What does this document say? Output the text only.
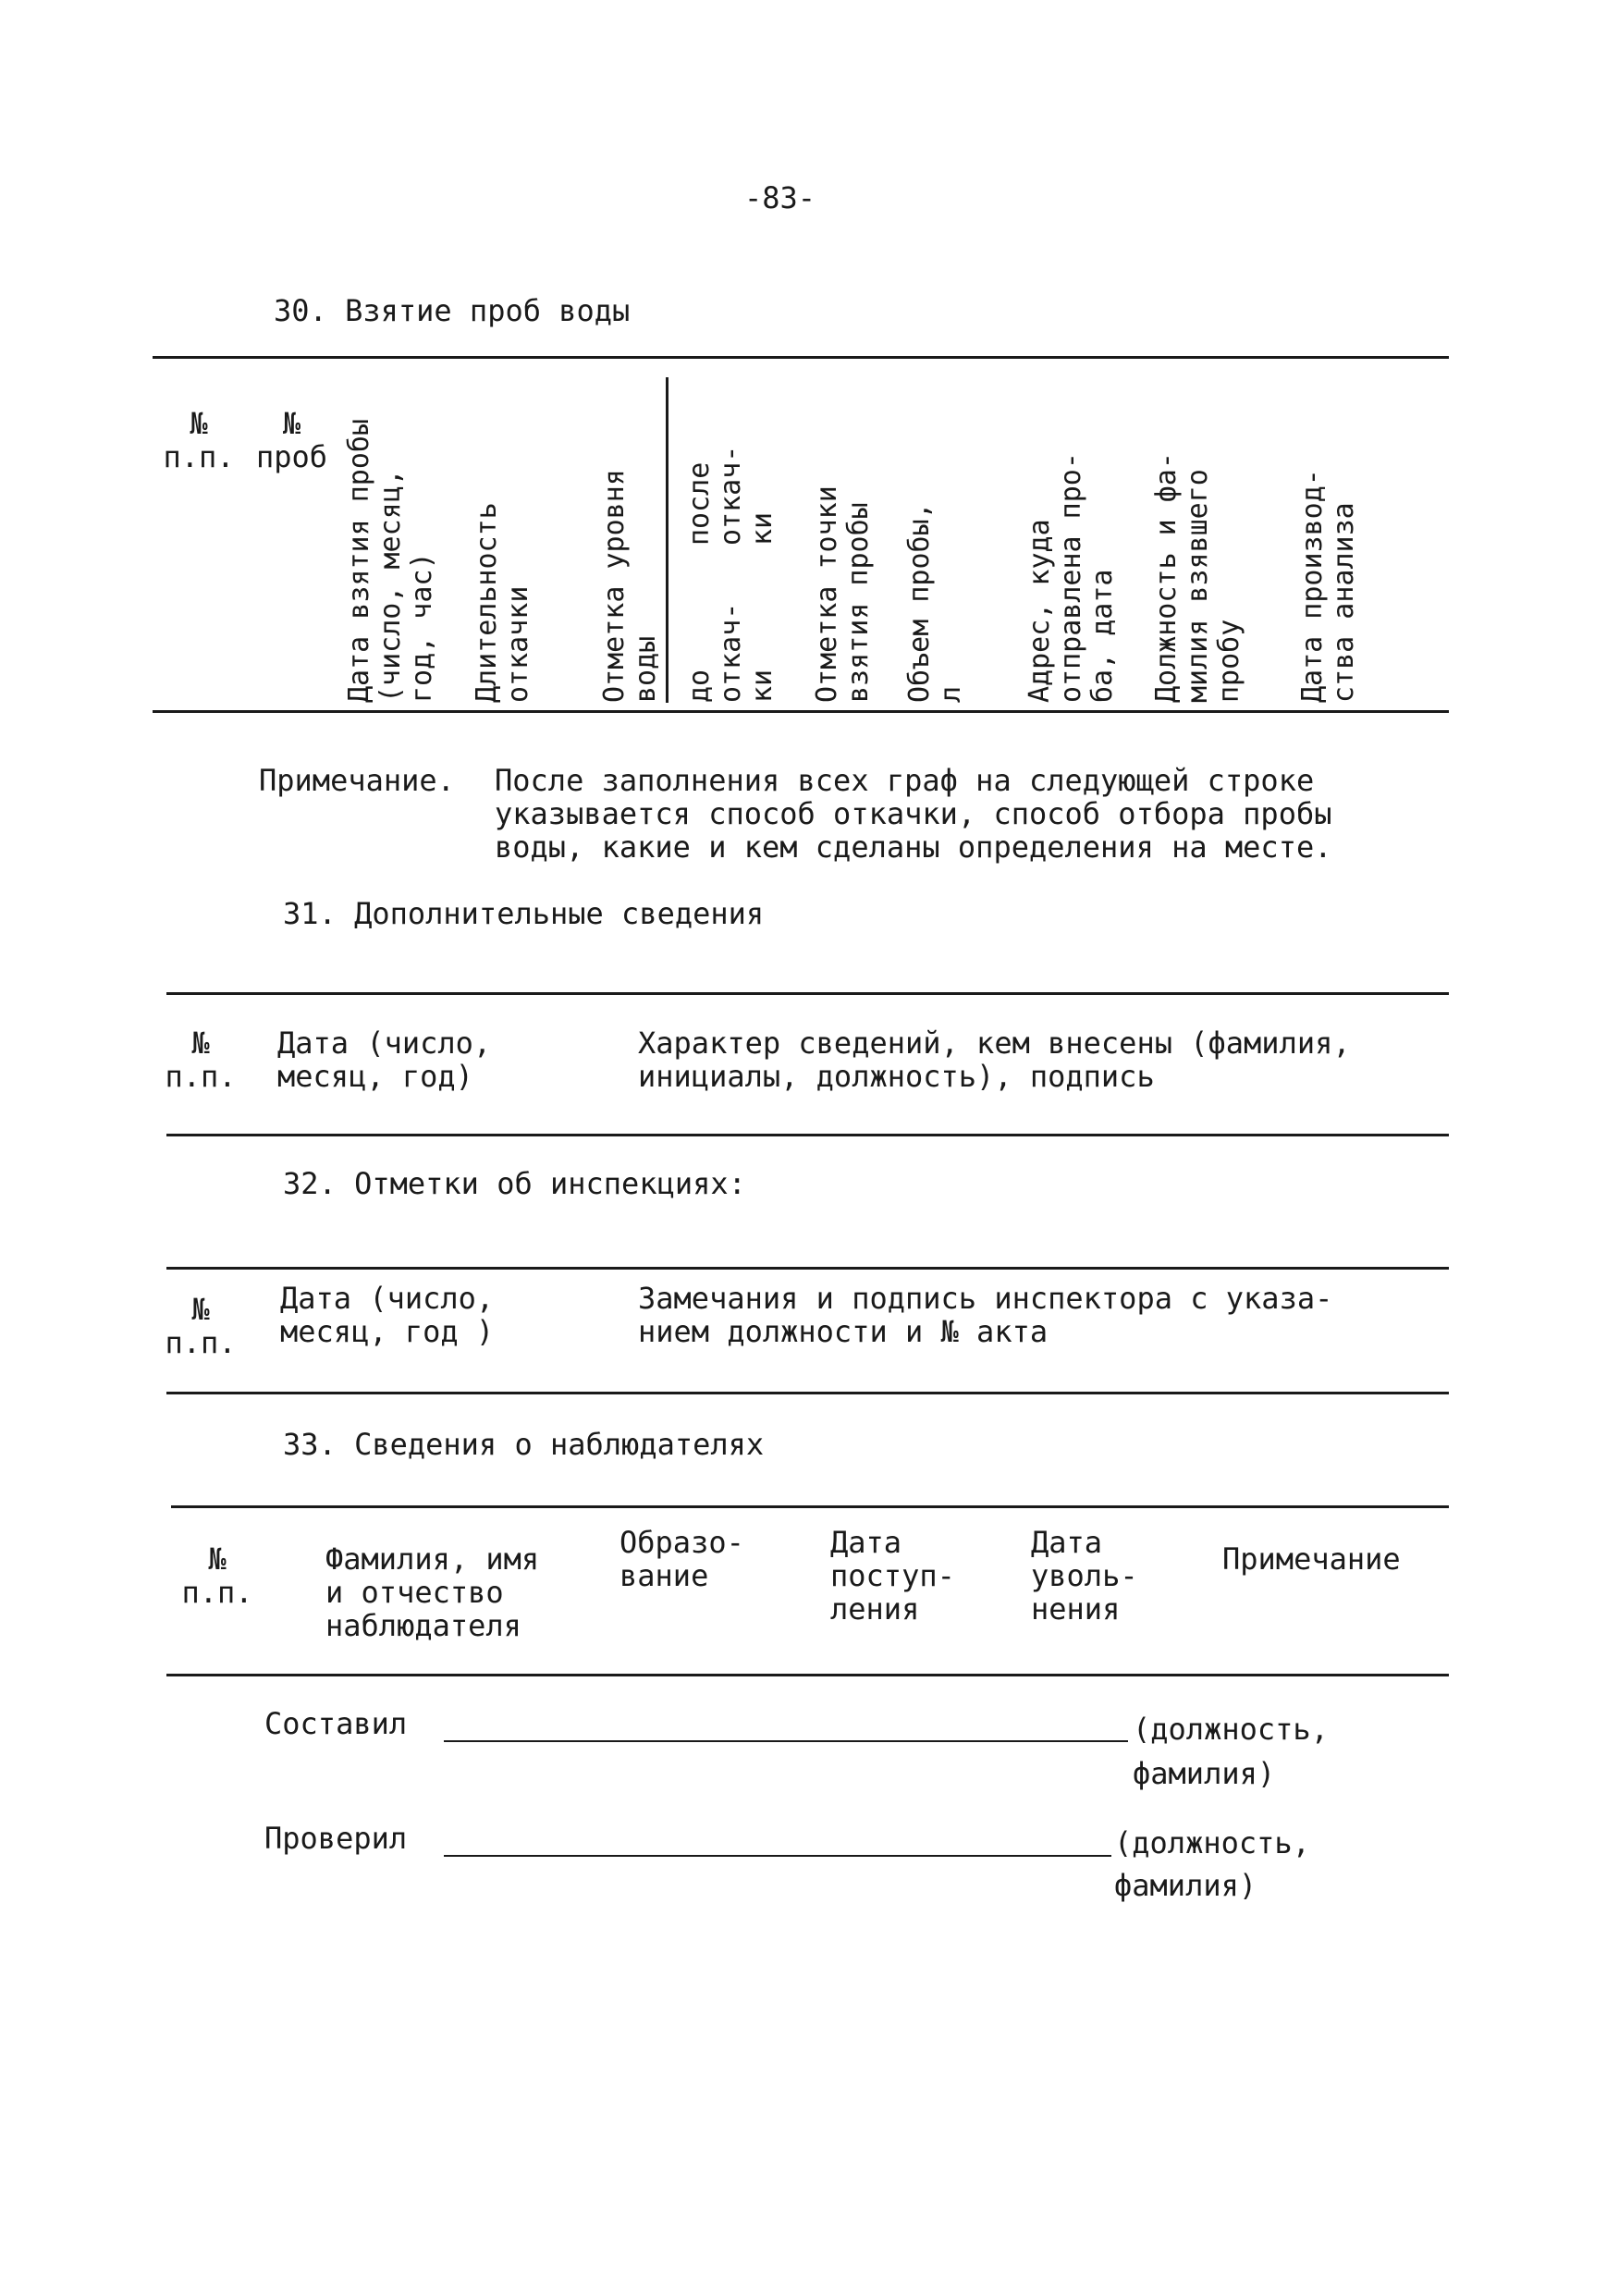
-83-
30. Взятие проб воды
№
п.п.
№
проб
Дата взятия пробы
(число, месяц,
год, час) Длительность
откачки Отметка уровня
воды
после
откач-
ки
до
откач-
ки Отметка точки
взятия пробы
Объем пробы,
л Адрес, куда
отправлена про-
ба, дата Должность и фа-
милия взявшего
пробу Дата производ-
ства анализа
Примечание. После заполнения всех граф на следующей строке
указывается способ откачки, способ отбора пробы
воды, какие и кем сделаны определения на месте.
31. Дополнительные сведения
№
п.п.
Дата (число,
месяц, год)
Характер сведений, кем внесены (фамилия,
инициалы, должность), подпись
32. Отметки об инспекциях:
№
п.п.
Дата (число,
месяц, год )
Замечания и подпись инспектора с указа-
нием должности и № акта
33. Сведения о наблюдателях
№
п.п.
Фамилия, имя
и отчество
наблюдателя
Образо-
вание
Дата
поступ-
ления
Дата
уволь-
нения
Примечание
Составил	(должность,
фамилия)
Проверил	(должность,
фамилия)
